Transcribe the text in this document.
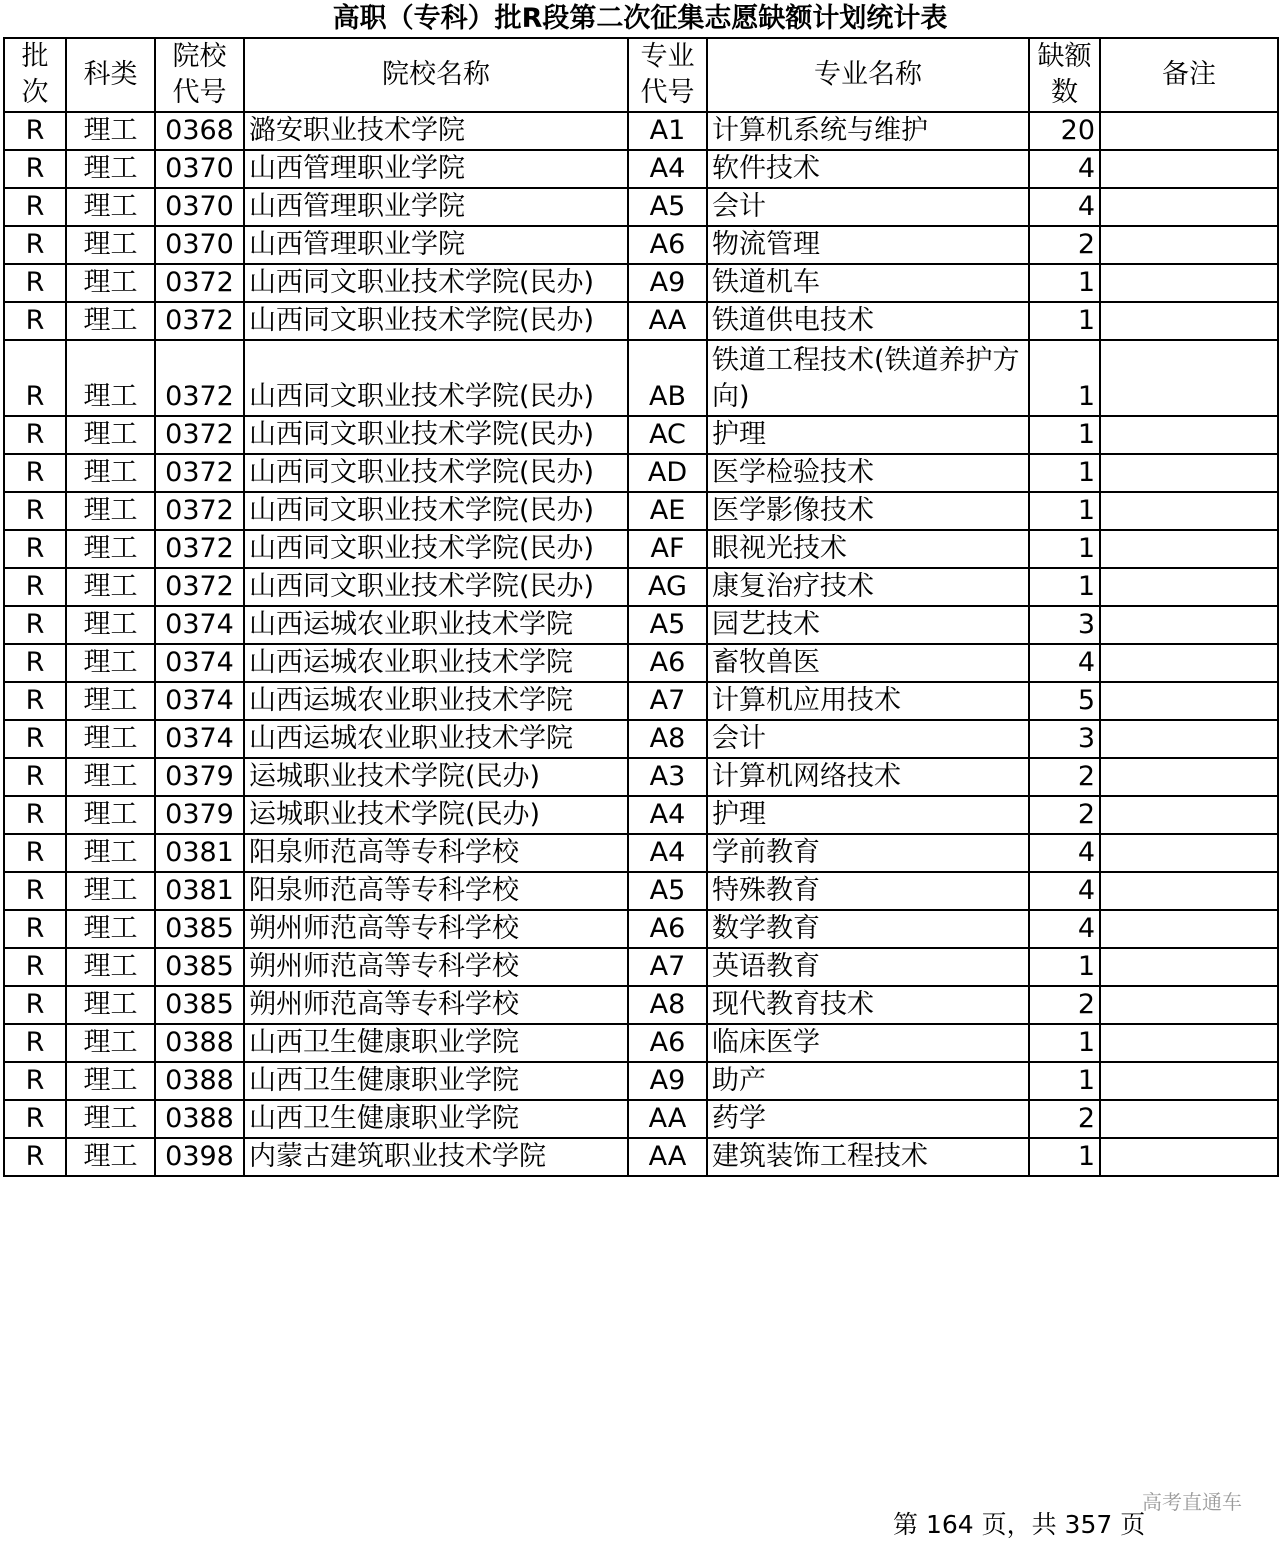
高职（专科）批R段第二次征集志愿缺额计划统计表
批次	科类	院校代号	院校名称	专业代号	专业名称	缺额数	备注
R	理工	0368	潞安职业技术学院	A1	计算机系统与维护	20	
R	理工	0370	山西管理职业学院	A4	软件技术	4	
R	理工	0370	山西管理职业学院	A5	会计	4	
R	理工	0370	山西管理职业学院	A6	物流管理	2	
R	理工	0372	山西同文职业技术学院(民办)	A9	铁道机车	1	
R	理工	0372	山西同文职业技术学院(民办)	AA	铁道供电技术	1	
R	理工	0372	山西同文职业技术学院(民办)	AB	铁道工程技术(铁道养护方向)	1	
R	理工	0372	山西同文职业技术学院(民办)	AC	护理	1	
R	理工	0372	山西同文职业技术学院(民办)	AD	医学检验技术	1	
R	理工	0372	山西同文职业技术学院(民办)	AE	医学影像技术	1	
R	理工	0372	山西同文职业技术学院(民办)	AF	眼视光技术	1	
R	理工	0372	山西同文职业技术学院(民办)	AG	康复治疗技术	1	
R	理工	0374	山西运城农业职业技术学院	A5	园艺技术	3	
R	理工	0374	山西运城农业职业技术学院	A6	畜牧兽医	4	
R	理工	0374	山西运城农业职业技术学院	A7	计算机应用技术	5	
R	理工	0374	山西运城农业职业技术学院	A8	会计	3	
R	理工	0379	运城职业技术学院(民办)	A3	计算机网络技术	2	
R	理工	0379	运城职业技术学院(民办)	A4	护理	2	
R	理工	0381	阳泉师范高等专科学校	A4	学前教育	4	
R	理工	0381	阳泉师范高等专科学校	A5	特殊教育	4	
R	理工	0385	朔州师范高等专科学校	A6	数学教育	4	
R	理工	0385	朔州师范高等专科学校	A7	英语教育	1	
R	理工	0385	朔州师范高等专科学校	A8	现代教育技术	2	
R	理工	0388	山西卫生健康职业学院	A6	临床医学	1	
R	理工	0388	山西卫生健康职业学院	A9	助产	1	
R	理工	0388	山西卫生健康职业学院	AA	药学	2	
R	理工	0398	内蒙古建筑职业技术学院	AA	建筑装饰工程技术	1	
高考直通车
第 164 页，共 357 页
